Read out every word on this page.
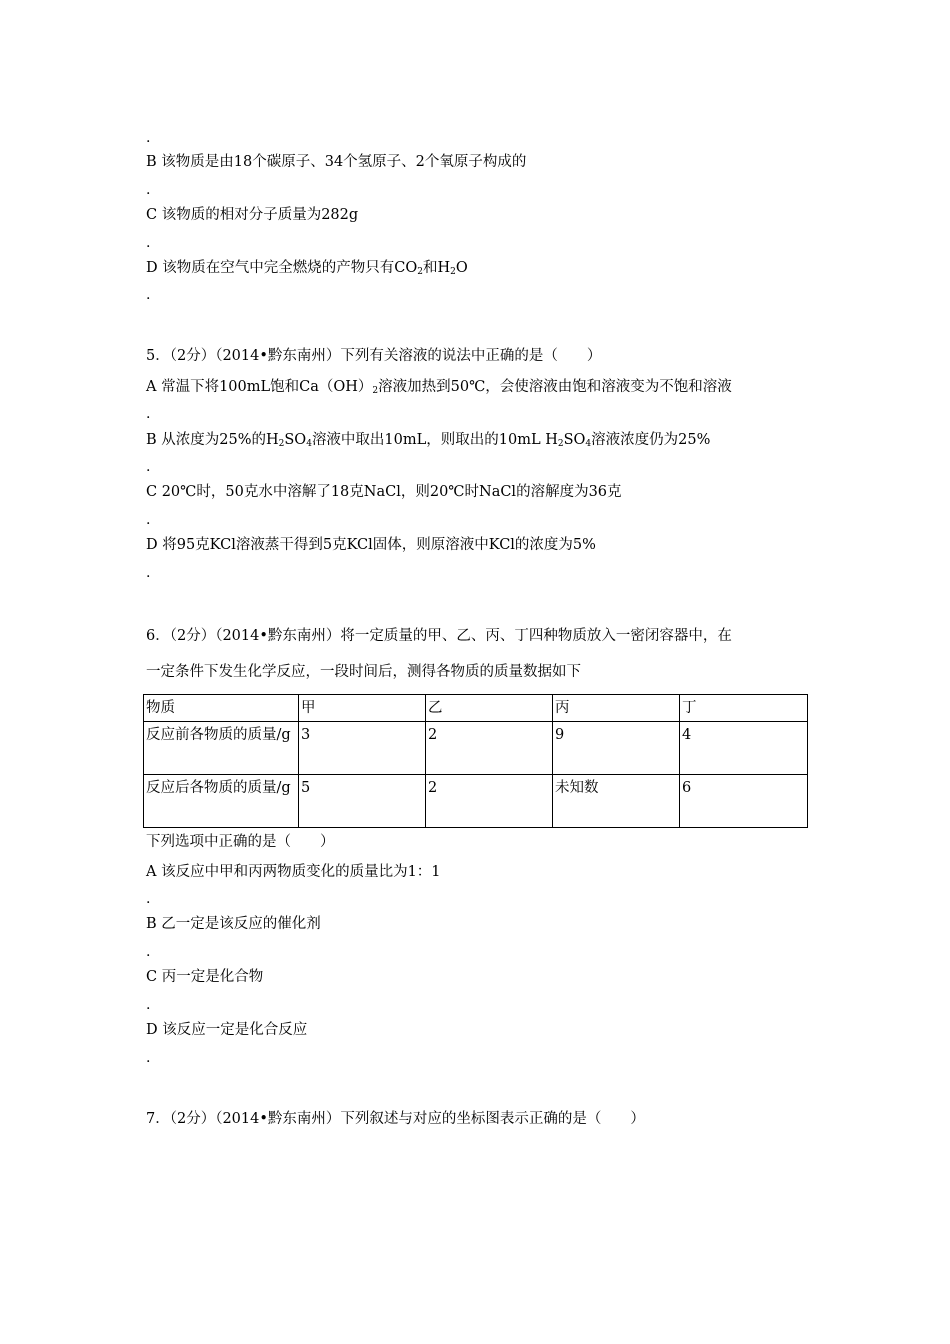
.
B 该物质是由18个碳原子、34个氢原子、2个氧原子构成的
.
C 该物质的相对分子质量为282g
.
D 该物质在空气中完全燃烧的产物只有$CO_2$和$H_2O$
.
5．（2分）（2014•黔东南州）下列有关溶液的说法中正确的是（　　）
A 常温下将100mL饱和$Ca(OH)_2$溶液加热到50℃，会使溶液由饱和溶液变为不饱和溶液
.
B 从浓度为25%的$H_2SO_4$溶液中取出10mL，则取出的10mL $H_2SO_4$溶液浓度仍为25%
.
C 20℃时，50克水中溶解了18克NaCl，则20℃时NaCl的溶解度为36克
.
D 将95克KCl溶液蒸干得到5克KCl固体，则原溶液中KCl的浓度为5%
.
6．（2分）（2014•黔东南州）将一定质量的甲、乙、丙、丁四种物质放入一密闭容器中，在
一定条件下发生化学反应，一段时间后，测得各物质的质量数据如下
物质	甲	乙	丙	丁
反应前各物质的质量/g	3	2	9	4
反应后各物质的质量/g	5	2	未知数	6
下列选项中正确的是（　　）
A 该反应中甲和丙两物质变化的质量比为1：1
.
B 乙一定是该反应的催化剂
.
C 丙一定是化合物
.
D 该反应一定是化合反应
.
7．（2分）（2014•黔东南州）下列叙述与对应的坐标图表示正确的是（　　）
